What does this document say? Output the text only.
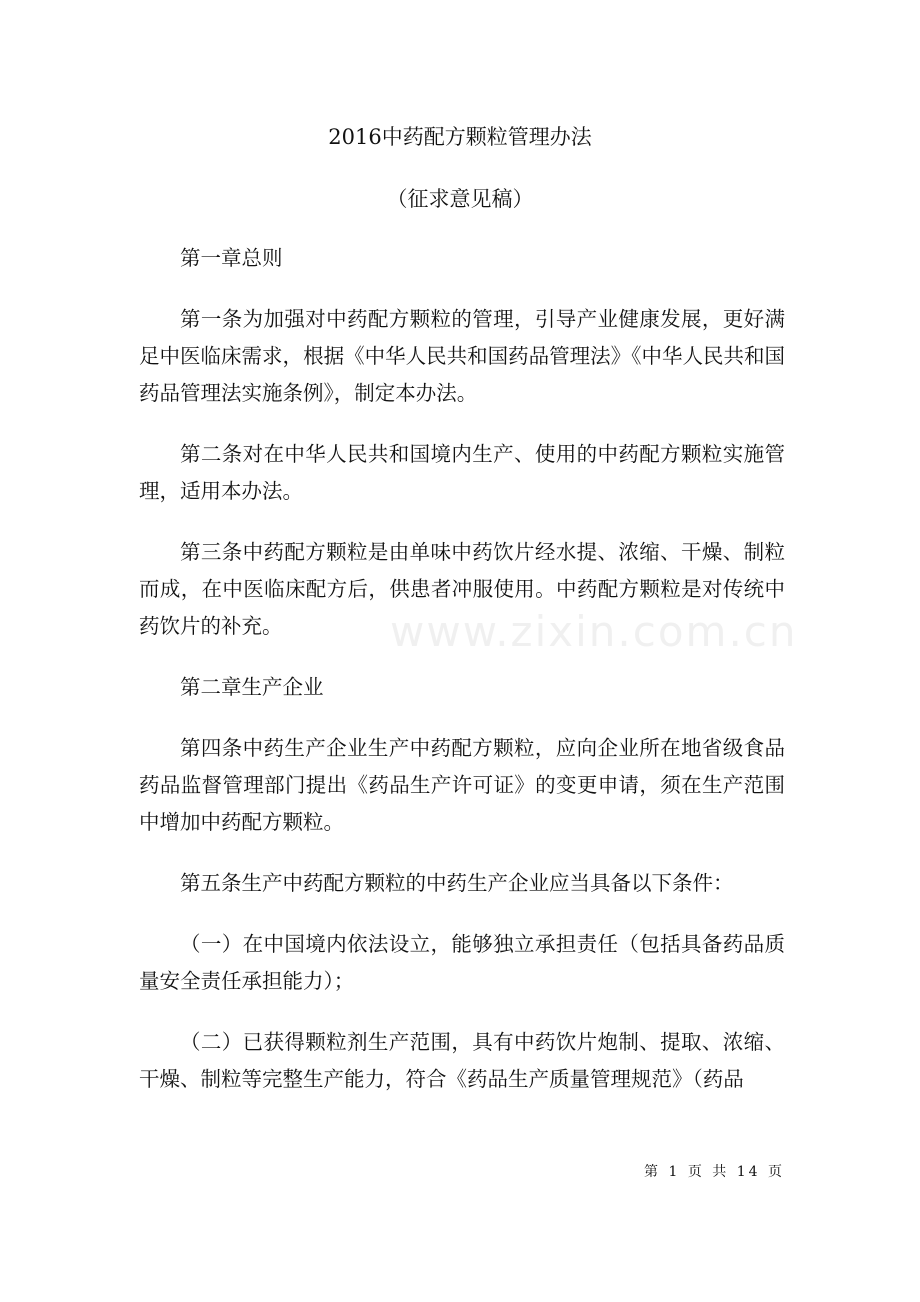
2016中药配方颗粒管理办法
（征求意见稿）

第一章总则

第一条为加强对中药配方颗粒的管理，引导产业健康发展，更好满足中医临床需求，根据《中华人民共和国药品管理法》《中华人民共和国药品管理法实施条例》，制定本办法。

第二条对在中华人民共和国境内生产、使用的中药配方颗粒实施管理，适用本办法。

第三条中药配方颗粒是由单味中药饮片经水提、浓缩、干燥、制粒而成，在中医临床配方后，供患者冲服使用。中药配方颗粒是对传统中药饮片的补充。

第二章生产企业

第四条中药生产企业生产中药配方颗粒，应向企业所在地省级食品药品监督管理部门提出《药品生产许可证》的变更申请，须在生产范围中增加中药配方颗粒。

第五条生产中药配方颗粒的中药生产企业应当具备以下条件：

（一）在中国境内依法设立，能够独立承担责任（包括具备药品质量安全责任承担能力）；

（二）已获得颗粒剂生产范围，具有中药饮片炮制、提取、浓缩、干燥、制粒等完整生产能力，符合《药品生产质量管理规范》（药品

www.zixin.com.cn
第 1 页 共 14 页
